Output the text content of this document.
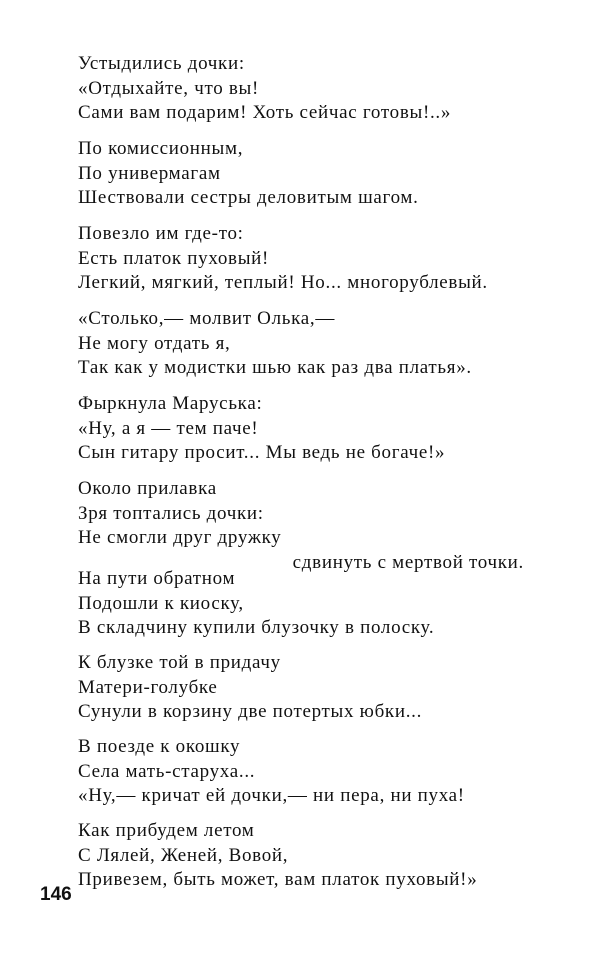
Устыдились дочки:
«Отдыхайте, что вы!
Сами вам подарим! Хоть сейчас готовы!..»
По комиссионным,
По универмагам
Шествовали сестры деловитым шагом.
Повезло им где-то:
Есть платок пуховый!
Легкий, мягкий, теплый! Но... многорублевый.
«Столько,— молвит Олька,—
Не могу отдать я,
Так как у модистки шью как раз два платья».
Фыркнула Маруська:
«Ну, а я — тем паче!
Сын гитару просит... Мы ведь не богаче!»
Около прилавка
Зря топтались дочки:
Не смогли друг дружку
сдвинуть с мертвой точки.
На пути обратном
Подошли к киоску,
В складчину купили блузочку в полоску.
К блузке той в придачу
Матери-голубке
Сунули в корзину две потертых юбки...
В поезде к окошку
Села мать-старуха...
«Ну,— кричат ей дочки,— ни пера, ни пуха!
Как прибудем летом
С Лялей, Женей, Вовой,
Привезем, быть может, вам платок пуховый!»
146
